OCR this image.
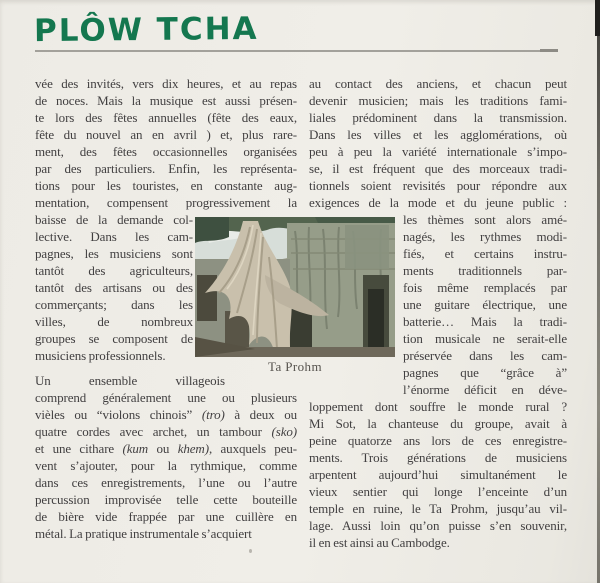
PLÔW TCHA
vée des invités, vers dix heures, et au repas
de noces. Mais la musique est aussi présen-
te lors des fêtes annuelles (fête des eaux,
fête du nouvel an en avril ) et, plus rare-
ment, des fêtes occasionnelles organisées
par des particuliers. Enfin, les représenta-
tions pour les touristes, en constante aug-
mentation, compensent progressivement la
baisse de la demande col-
lective. Dans les cam-
pagnes, les musiciens sont
tantôt des agriculteurs,
tantôt des artisans ou des
commerçants; dans les
villes, de nombreux
groupes se composent de
musiciens professionnels.
Un ensemble villageois
comprend généralement une ou plusieurs
vièles ou “violons chinois” (tro) à deux ou
quatre cordes avec archet, un tambour (sko)
et une cithare (kum ou khem), auxquels peu-
vent s’ajouter, pour la rythmique, comme
dans ces enregistrements, l’une ou l’autre
percussion improvisée telle cette bouteille
de bière vide frappée par une cuillère en
métal. La pratique instrumentale s’acquiert
au contact des anciens, et chacun peut
devenir musicien; mais les traditions fami-
liales prédominent dans la transmission.
Dans les villes et les agglomérations, où
peu à peu la variété internationale s’impo-
se, il est fréquent que des morceaux tradi-
tionnels soient revisités pour répondre aux
exigences de la mode et du jeune public :
les thèmes sont alors amé-
nagés, les rythmes modi-
fiés, et certains instru-
ments traditionnels par-
fois même remplacés par
une guitare électrique, une
batterie… Mais la tradi-
tion musicale ne serait-elle
préservée dans les cam-
pagnes que “grâce à”
l’énorme déficit en déve-
loppement dont souffre le monde rural ?
Mi Sot, la chanteuse du groupe, avait à
peine quatorze ans lors de ces enregistre-
ments. Trois générations de musiciens
arpentent aujourd’hui simultanément le
vieux sentier qui longe l’enceinte d’un
temple en ruine, le Ta Prohm, jusqu’au vil-
lage. Aussi loin qu’on puisse s’en souvenir,
il en est ainsi au Cambodge.
Ta Prohm
